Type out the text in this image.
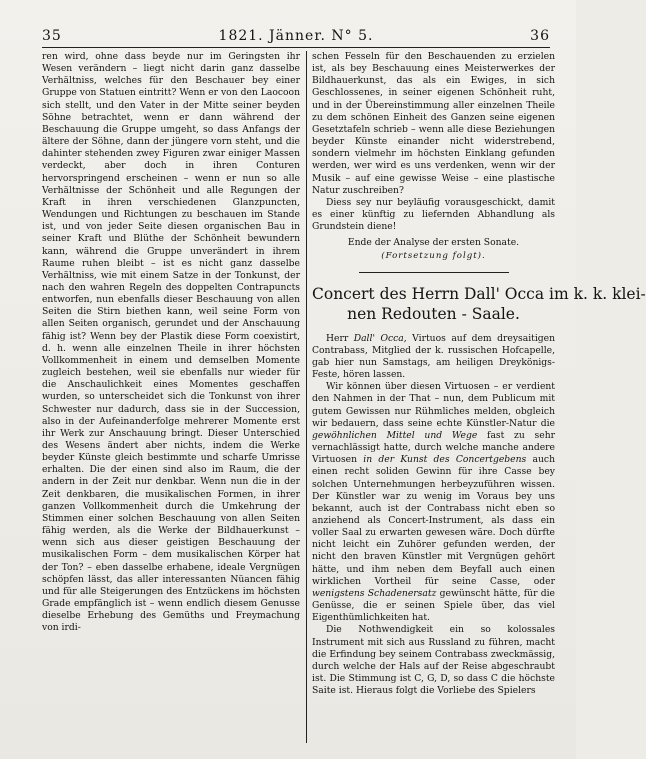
35	1821. Jänner. N° 5.	36

ren wird, ohne dass beyde nur im Geringsten ihr Wesen verändern – liegt nicht darin ganz dasselbe Verhältniss, welches für den Beschauer bey einer Gruppe von Statuen eintritt? Wenn er von den Laocoon sich stellt, und den Vater in der Mitte seiner beyden Söhne betrachtet, wenn er dann während der Beschauung die Gruppe umgeht, so dass Anfangs der ältere der Söhne, dann der jüngere vorn steht, und die dahinter stehenden zwey Figuren zwar einiger Massen verdeckt, aber doch in ihren Conturen hervorspringend erscheinen – wenn er nun so alle Verhältnisse der Schönheit und alle Regungen der Kraft in ihren verschiedenen Glanzpuncten, Wendungen und Richtungen zu beschauen im Stande ist, und von jeder Seite diesen organischen Bau in seiner Kraft und Blüthe der Schönheit bewundern kann, während die Gruppe unverändert in ihrem Raume ruhen bleibt – ist es nicht ganz dasselbe Verhältniss, wie mit einem Satze in der Tonkunst, der nach den wahren Regeln des doppelten Contrapuncts entworfen, nun ebenfalls dieser Beschauung von allen Seiten die Stirn biethen kann, weil seine Form von allen Seiten organisch, gerundet und der Anschauung fähig ist? Wenn bey der Plastik diese Form coexistirt, d. h. wenn alle einzelnen Theile in ihrer höchsten Vollkommenheit in einem und demselben Momente zugleich bestehen, weil sie ebenfalls nur wieder für die Anschaulichkeit eines Momentes geschaffen wurden, so unterscheidet sich die Tonkunst von ihrer Schwester nur dadurch, dass sie in der Succession, also in der Aufeinanderfolge mehrerer Momente erst ihr Werk zur Anschauung bringt. Dieser Unterschied des Wesens ändert aber nichts, indem die Werke beyder Künste gleich bestimmte und scharfe Umrisse erhalten. Die der einen sind also im Raum, die der andern in der Zeit nur denkbar. Wenn nun die in der Zeit denkbaren, die musikalischen Formen, in ihrer ganzen Vollkommenheit durch die Umkehrung der Stimmen einer solchen Beschauung von allen Seiten fähig werden, als die Werke der Bildhauerkunst – wenn sich aus dieser geistigen Beschauung der musikalischen Form – dem musikalischen Körper hat der Ton? – eben dasselbe erhabene, ideale Vergnügen schöpfen lässt, das aller interessanten Nüancen fähig und für alle Steigerungen des Entzückens im höchsten Grade empfänglich ist – wenn endlich diesem Genusse dieselbe Erhebung des Gemüths und Freymachung von irdi-

schen Fesseln für den Beschauenden zu erzielen ist, als bey Beschauung eines Meisterwerkes der Bildhauerkunst, das als ein Ewiges, in sich Geschlossenes, in seiner eigenen Schönheit ruht, und in der Übereinstimmung aller einzelnen Theile zu dem schönen Einheit des Ganzen seine eigenen Gesetztafeln schrieb – wenn alle diese Beziehungen beyder Künste einander nicht widerstrebend, sondern vielmehr im höchsten Einklang gefunden werden, wer wird es uns verdenken, wenn wir der Musik – auf eine gewisse Weise – eine plastische Natur zuschreiben?

Diess sey nur beyläufig vorausgeschickt, damit es einer künftig zu liefernden Abhandlung als Grundstein diene!

Ende der Analyse der ersten Sonate.

(Fortsetzung folgt).

Concert des Herrn Dall' Occa im k. k. klei-
nen Redouten - Saale.

Herr Dall' Occa, Virtuos auf dem dreysaitigen Contrabass, Mitglied der k. russischen Hofcapelle, gab hier nun Samstags, am heiligen Dreykönigs-Feste, hören lassen.

Wir können über diesen Virtuosen – er verdient den Nahmen in der That – nun, dem Publicum mit gutem Gewissen nur Rühmliches melden, obgleich wir bedauern, dass seine echte Künstler-Natur die gewöhnlichen Mittel und Wege fast zu sehr vernachlässigt hatte, durch welche manche andere Virtuosen in der Kunst des Concertgebens auch einen recht soliden Gewinn für ihre Casse bey solchen Unternehmungen herbeyzuführen wissen. Der Künstler war zu wenig im Voraus bey uns bekannt, auch ist der Contrabass nicht eben so anziehend als Concert-Instrument, als dass ein voller Saal zu erwarten gewesen wäre. Doch dürfte nicht leicht ein Zuhörer gefunden werden, der nicht den braven Künstler mit Vergnügen gehört hätte, und ihm neben dem Beyfall auch einen wirklichen Vortheil für seine Casse, oder wenigstens Schadenersatz gewünscht hätte, für die Genüsse, die er seinen Spiele über, das viel Eigenthümlichkeiten hat.

Die Nothwendigkeit ein so kolossales Instrument mit sich aus Russland zu führen, macht die Erfindung bey seinem Contrabass zweckmässig, durch welche der Hals auf der Reise abgeschraubt ist. Die Stimmung ist C, G, D, so dass C die höchste Saite ist. Hieraus folgt die Vorliebe des Spielers
